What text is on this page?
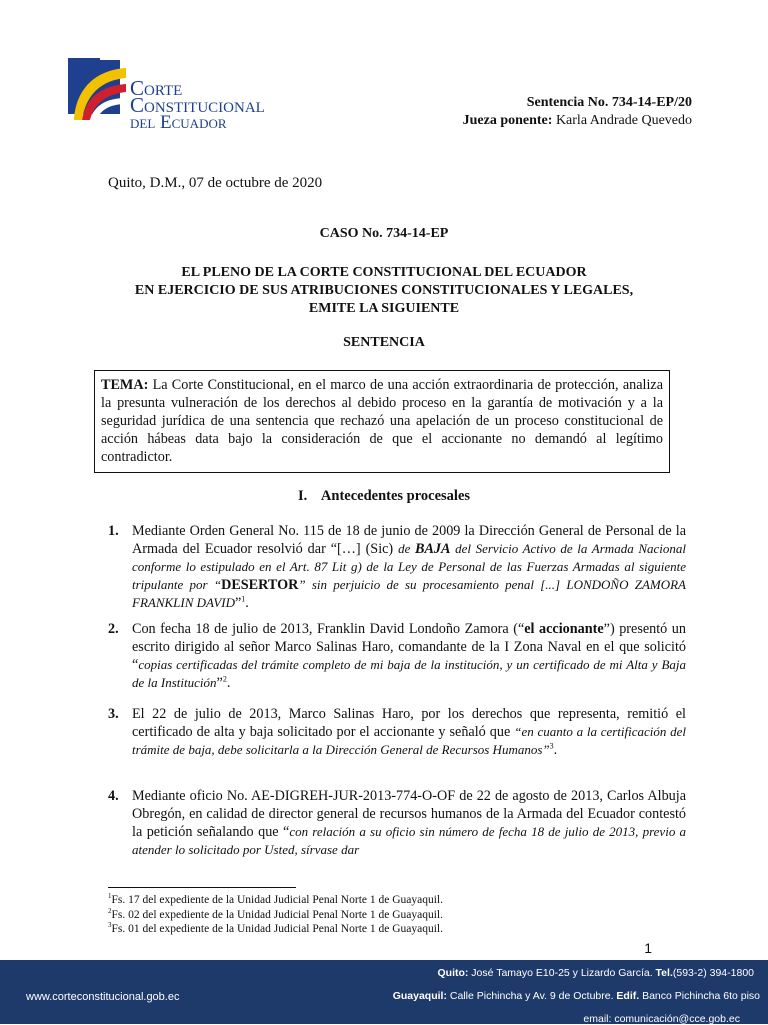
Corte
Constitucional
del Ecuador
Sentencia No. 734-14-EP/20
Jueza ponente: Karla Andrade Quevedo
Quito, D.M., 07 de octubre de 2020
CASO No. 734-14-EP
EL PLENO DE LA CORTE CONSTITUCIONAL DEL ECUADOR
EN EJERCICIO DE SUS ATRIBUCIONES CONSTITUCIONALES Y LEGALES,
EMITE LA SIGUIENTE
SENTENCIA
TEMA: La Corte Constitucional, en el marco de una acción extraordinaria de protección, analiza la presunta vulneración de los derechos al debido proceso en la garantía de motivación y a la seguridad jurídica de una sentencia que rechazó una apelación de un proceso constitucional de acción hábeas data bajo la consideración de que el accionante no demandó al legítimo contradictor.
I.    Antecedentes procesales
1. Mediante Orden General No. 115 de 18 de junio de 2009 la Dirección General de Personal de la Armada del Ecuador resolvió dar “[…] (Sic) de BAJA del Servicio Activo de la Armada Nacional conforme lo estipulado en el Art. 87 Lit g) de la Ley de Personal de las Fuerzas Armadas al siguiente tripulante por “DESERTOR” sin perjuicio de su procesamiento penal [...] LONDOÑO ZAMORA FRANKLIN DAVID”$^1$.
2. Con fecha 18 de julio de 2013, Franklin David Londoño Zamora (“el accionante”) presentó un escrito dirigido al señor Marco Salinas Haro, comandante de la I Zona Naval en el que solicitó “copias certificadas del trámite completo de mi baja de la institución, y un certificado de mi Alta y Baja de la Institución”$^2$.
3. El 22 de julio de 2013, Marco Salinas Haro, por los derechos que representa, remitió el certificado de alta y baja solicitado por el accionante y señaló que “en cuanto a la certificación del trámite de baja, debe solicitarla a la Dirección General de Recursos Humanos”$^3$.
4. Mediante oficio No. AE-DIGREH-JUR-2013-774-O-OF de 22 de agosto de 2013, Carlos Albuja Obregón, en calidad de director general de recursos humanos de la Armada del Ecuador contestó la petición señalando que “con relación a su oficio sin número de fecha 18 de julio de 2013, previo a atender lo solicitado por Usted, sírvase dar
$^1$Fs. 17 del expediente de la Unidad Judicial Penal Norte 1 de Guayaquil.
$^2$Fs. 02 del expediente de la Unidad Judicial Penal Norte 1 de Guayaquil.
$^3$Fs. 01 del expediente de la Unidad Judicial Penal Norte 1 de Guayaquil.
1
www.corteconstitucional.gob.ec
Quito: José Tamayo E10-25 y Lizardo García. Tel.(593-2) 394-1800
Guayaquil: Calle Pichincha y Av. 9 de Octubre. Edif. Banco Pichincha 6to piso
email: comunicación@cce.gob.ec
